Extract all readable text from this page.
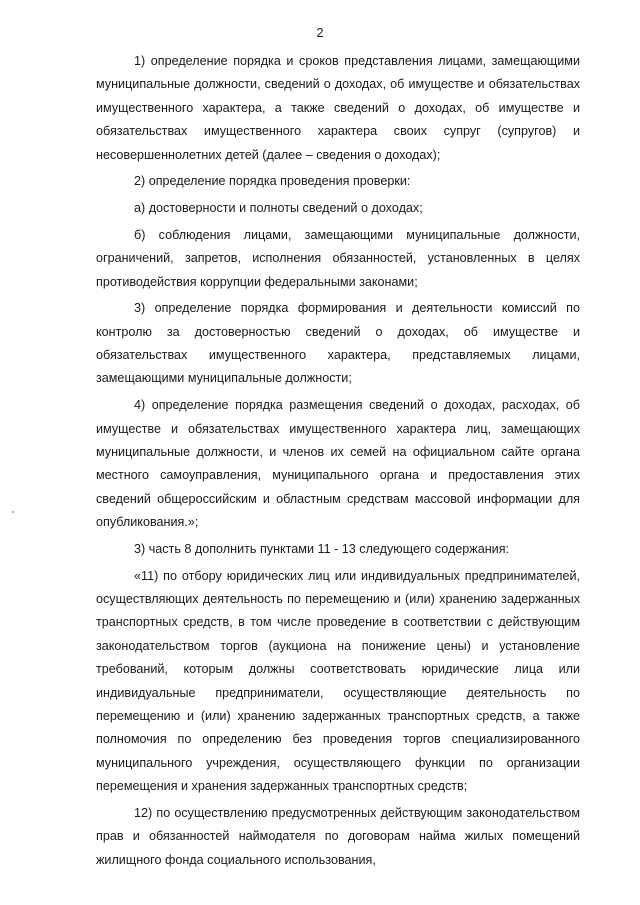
2

1) определение порядка и сроков представления лицами, замещающими муниципальные должности, сведений о доходах, об имуществе и обязательствах имущественного характера, а также сведений о доходах, об имуществе и обязательствах имущественного характера своих супруг (супругов) и несовершеннолетних детей (далее – сведения о доходах);

2) определение порядка проведения проверки:

а) достоверности и полноты сведений о доходах;

б) соблюдения лицами, замещающими муниципальные должности, ограничений, запретов, исполнения обязанностей, установленных в целях противодействия коррупции федеральными законами;

3) определение порядка формирования и деятельности комиссий по контролю за достоверностью сведений о доходах, об имуществе и обязательствах имущественного характера, представляемых лицами, замещающими муниципальные должности;

4) определение порядка размещения сведений о доходах, расходах, об имуществе и обязательствах имущественного характера лиц, замещающих муниципальные должности, и членов их семей на официальном сайте органа местного самоуправления, муниципального органа и предоставления этих сведений общероссийским и областным средствам массовой информации для опубликования.»;

3) часть 8 дополнить пунктами 11 - 13 следующего содержания:

«11) по отбору юридических лиц или индивидуальных предпринимателей, осуществляющих деятельность по перемещению и (или) хранению задержанных транспортных средств, в том числе проведение в соответствии с действующим законодательством торгов (аукциона на понижение цены) и установление требований, которым должны соответствовать юридические лица или индивидуальные предприниматели, осуществляющие деятельность по перемещению и (или) хранению задержанных транспортных средств, а также полномочия по определению без проведения торгов специализированного муниципального учреждения, осуществляющего функции по организации перемещения и хранения задержанных транспортных средств;

12) по осуществлению предусмотренных действующим законодательством прав и обязанностей наймодателя по договорам найма жилых помещений жилищного фонда социального использования,
